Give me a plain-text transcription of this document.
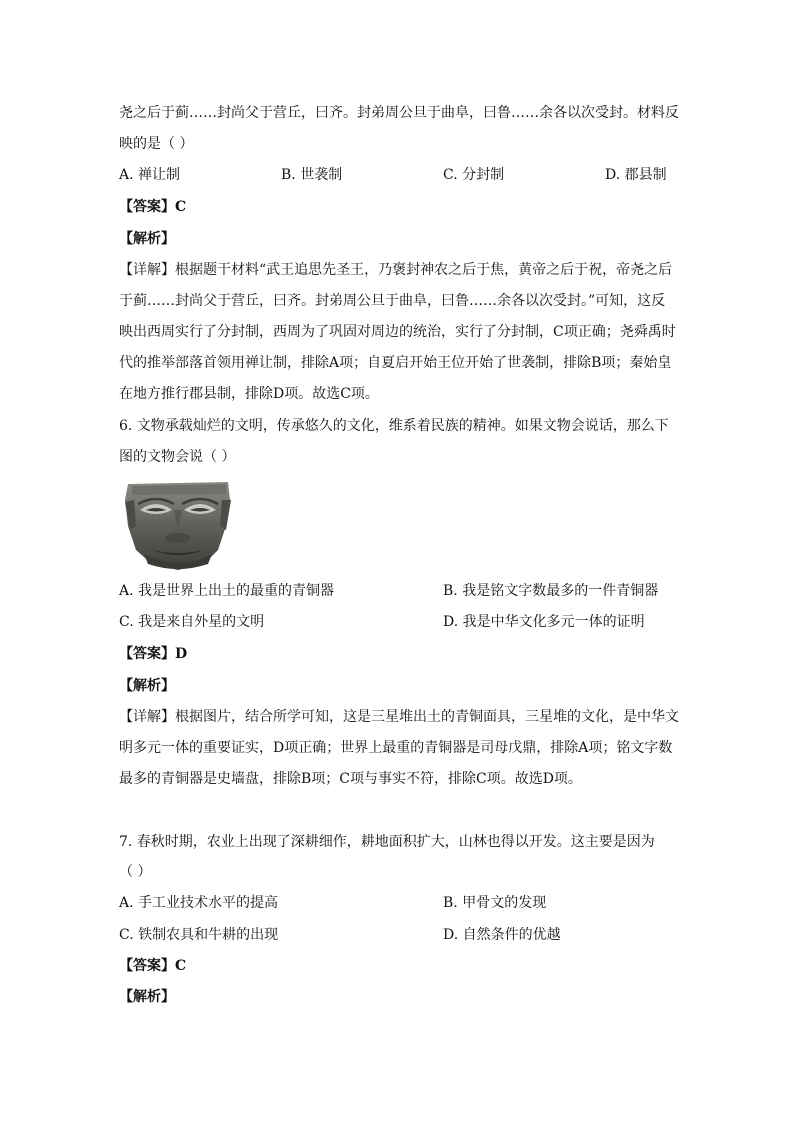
尧之后于蓟……封尚父于营丘，曰齐。封弟周公旦于曲阜，曰鲁……余各以次受封。材料反
映的是（ ）
A. 禅让制	B. 世袭制	C. 分封制	D. 郡县制
【答案】C
【解析】
【详解】根据题干材料“武王追思先圣王，乃褒封神农之后于焦，黄帝之后于祝，帝尧之后
于蓟……封尚父于营丘，曰齐。封弟周公旦于曲阜，曰鲁……余各以次受封。”可知，这反
映出西周实行了分封制，西周为了巩固对周边的统治，实行了分封制，C项正确；尧舜禹时
代的推举部落首领用禅让制，排除A项；自夏启开始王位开始了世袭制，排除B项；秦始皇
在地方推行郡县制，排除D项。故选C项。
6. 文物承载灿烂的文明，传承悠久的文化，维系着民族的精神。如果文物会说话，那么下
图的文物会说（ ）
A. 我是世界上出土的最重的青铜器	B. 我是铭文字数最多的一件青铜器
C. 我是来自外星的文明	D. 我是中华文化多元一体的证明
【答案】D
【解析】
【详解】根据图片，结合所学可知，这是三星堆出土的青铜面具，三星堆的文化，是中华文
明多元一体的重要证实，D项正确；世界上最重的青铜器是司母戊鼎，排除A项；铭文字数
最多的青铜器是史墙盘，排除B项；C项与事实不符，排除C项。故选D项。
7. 春秋时期，农业上出现了深耕细作，耕地面积扩大，山林也得以开发。这主要是因为
（ ）
A. 手工业技术水平的提高	B. 甲骨文的发现
C. 铁制农具和牛耕的出现	D. 自然条件的优越
【答案】C
【解析】
